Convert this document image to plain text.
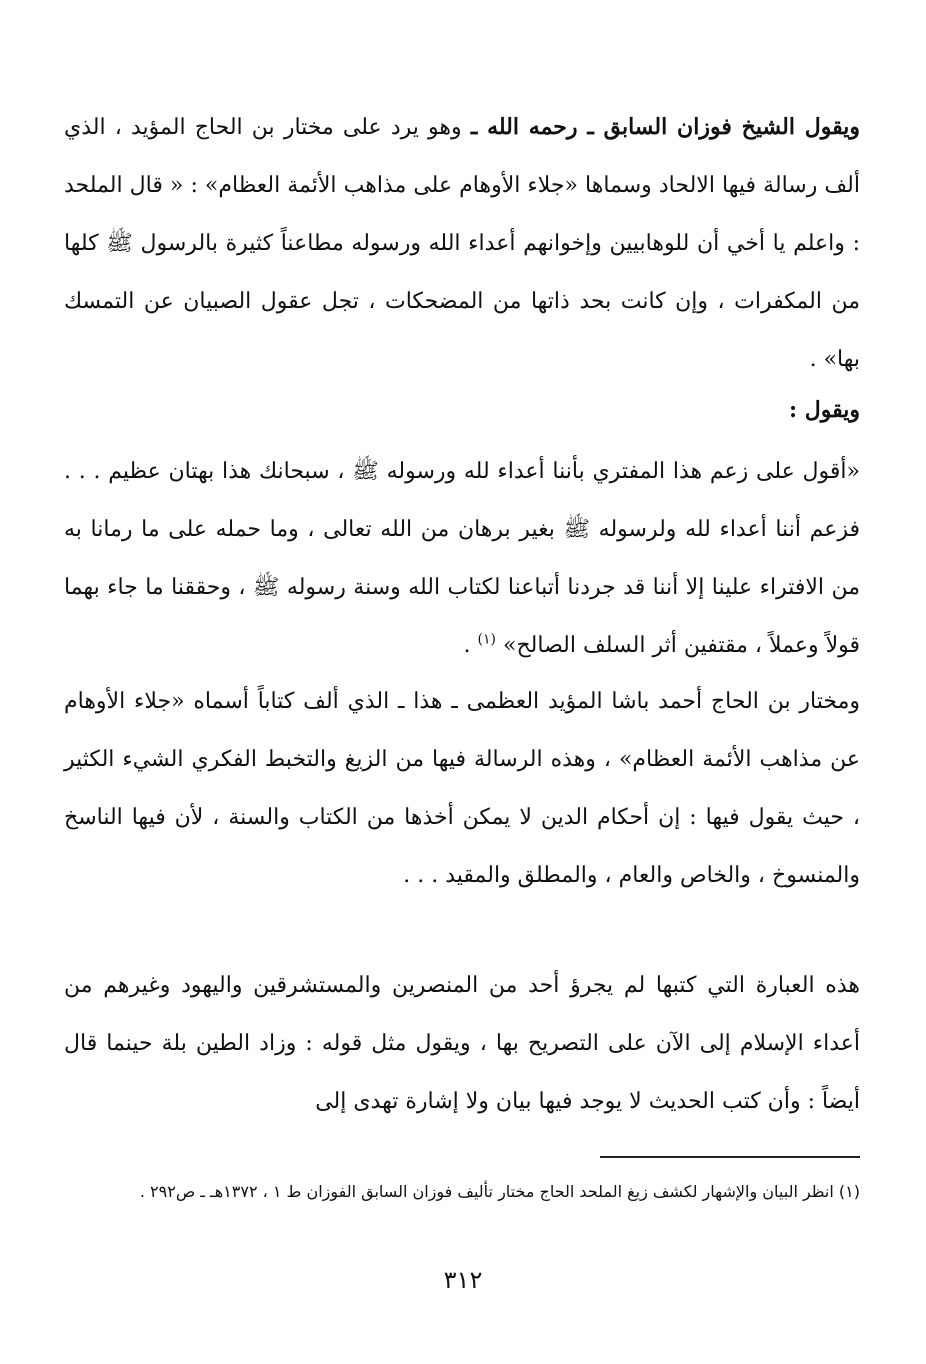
ويقول الشيخ فوزان السابق ـ رحمه الله ـ وهو يرد على مختار بن الحاج المؤيد ، الذي ألف رسالة فيها الالحاد وسماها «جلاء الأوهام على مذاهب الأئمة العظام» : « قال الملحد : واعلم يا أخي أن للوهابيين وإخوانهم أعداء الله ورسوله مطاعناً كثيرة بالرسول ﷺ كلها من المكفرات ، وإن كانت بحد ذاتها من المضحكات ، تجل عقول الصبيان عن التمسك بها» .

ويقول :

«أقول على زعم هذا المفتري بأننا أعداء لله ورسوله ﷺ ، سبحانك هذا بهتان عظيم . . . فزعم أننا أعداء لله ولرسوله ﷺ بغير برهان من الله تعالى ، وما حمله على ما رمانا به من الافتراء علينا إلا أننا قد جردنا أتباعنا لكتاب الله وسنة رسوله ﷺ ، وحققنا ما جاء بهما قولاً وعملاً ، مقتفين أثر السلف الصالح» $^{(١)}$ .

ومختار بن الحاج أحمد باشا المؤيد العظمى ـ هذا ـ الذي ألف كتاباً أسماه «جلاء الأوهام عن مذاهب الأئمة العظام» ، وهذه الرسالة فيها من الزيغ والتخبط الفكري الشيء الكثير ، حيث يقول فيها : إن أحكام الدين لا يمكن أخذها من الكتاب والسنة ، لأن فيها الناسخ والمنسوخ ، والخاص والعام ، والمطلق والمقيد . . .

هذه العبارة التي كتبها لم يجرؤ أحد من المنصرين والمستشرقين واليهود وغيرهم من أعداء الإسلام إلى الآن على التصريح بها ، ويقول مثل قوله : وزاد الطين بلة حينما قال أيضاً : وأن كتب الحديث لا يوجد فيها بيان ولا إشارة تهدى إلى

(١) انظر البيان والإشهار لكشف زيغ الملحد الحاج مختار تأليف فوزان السابق الفوزان ط ١ ، ١٣٧٢هـ ـ ص٢٩٢ .
٣١٢
